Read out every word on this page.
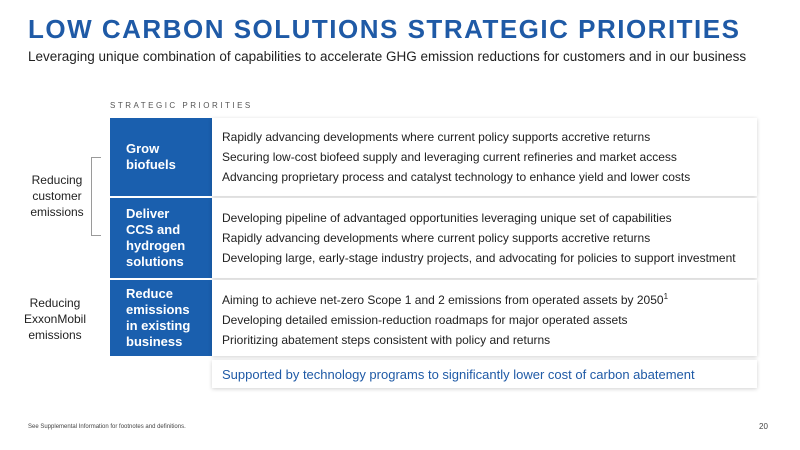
LOW CARBON SOLUTIONS STRATEGIC PRIORITIES

Leveraging unique combination of capabilities to accelerate GHG emission reductions for customers and in our business

STRATEGIC PRIORITIES
Reducing
customer
emissions
Reducing
ExxonMobil
emissions
Grow
biofuels
Rapidly advancing developments where current policy supports accretive returns
Securing low-cost biofeed supply and leveraging current refineries and market access
Advancing proprietary process and catalyst technology to enhance yield and lower costs
Deliver
CCS and
hydrogen
solutions
Developing pipeline of advantaged opportunities leveraging unique set of capabilities
Rapidly advancing developments where current policy supports accretive returns
Developing large, early-stage industry projects, and advocating for policies to support investment
Reduce
emissions
in existing
business
Aiming to achieve net-zero Scope 1 and 2 emissions from operated assets by 2050$^1$
Developing detailed emission-reduction roadmaps for major operated assets
Prioritizing abatement steps consistent with policy and returns
Supported by technology programs to significantly lower cost of carbon abatement
See Supplemental Information for footnotes and definitions.	20
